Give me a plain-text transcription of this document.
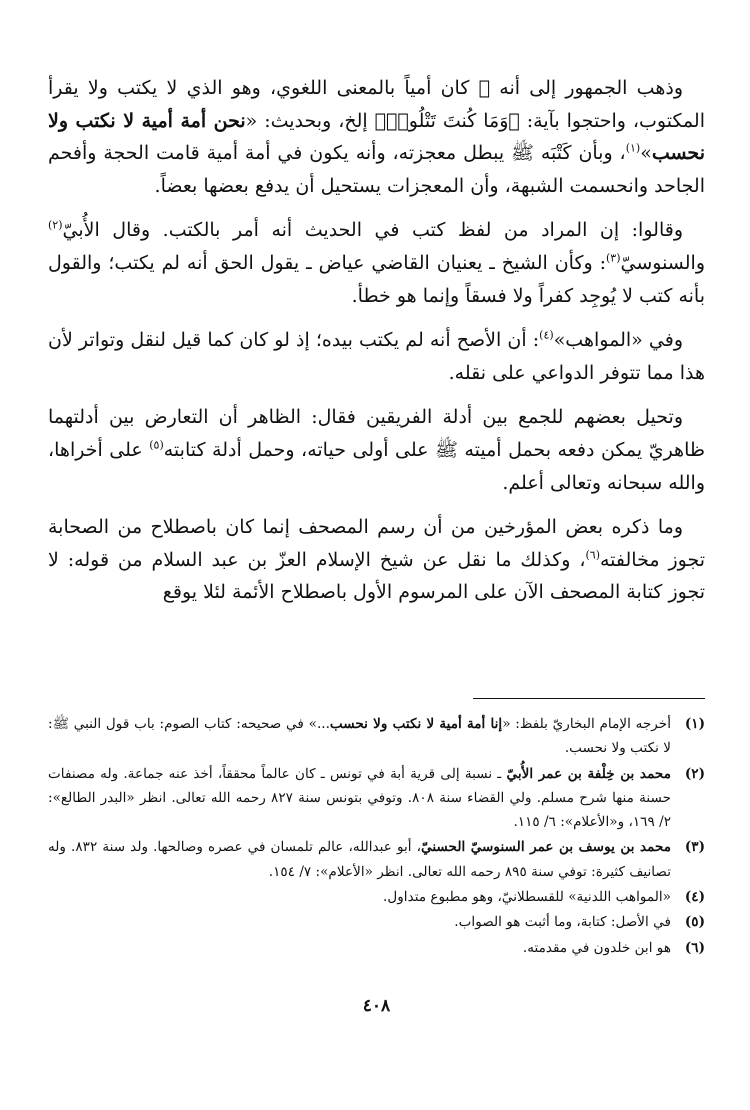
وذهب الجمهور إلى أنه ﷺ كان أمياً بالمعنى اللغوي، وهو الذي لا يكتب ولا يقرأ المكتوب، واحتجوا بآية: ﴿وَمَا كُنتَ تَتْلُوا۟﴾ إلخ، وبحديث: «نحن أمة أمية لا نكتب ولا نحسب»$^{(١)}$، وبأن كَتْبَه ﷺ يبطل معجزته، وأنه يكون في أمة أمية قامت الحجة وأفحم الجاحد وانحسمت الشبهة، وأن المعجزات يستحيل أن يدفع بعضها بعضاً.

وقالوا: إن المراد من لفظ كتب في الحديث أنه أمر بالكتب. وقال الأُبيّ$^{(٢)}$ والسنوسيّ$^{(٣)}$: وكأن الشيخ ـ يعنيان القاضي عياض ـ يقول الحق أنه لم يكتب؛ والقول بأنه كتب لا يُوجِد كفراً ولا فسقاً وإنما هو خطأ.

وفي «المواهب»$^{(٤)}$: أن الأصح أنه لم يكتب بيده؛ إذ لو كان كما قيل لنقل وتواتر لأن هذا مما تتوفر الدواعي على نقله.

وتحيل بعضهم للجمع بين أدلة الفريقين فقال: الظاهر أن التعارض بين أدلتهما ظاهريّ يمكن دفعه بحمل أميته ﷺ على أولى حياته، وحمل أدلة كتابته$^{(٥)}$ على أخراها، والله سبحانه وتعالى أعلم.

وما ذكره بعض المؤرخين من أن رسم المصحف إنما كان باصطلاح من الصحابة تجوز مخالفته$^{(٦)}$، وكذلك ما نقل عن شيخ الإسلام العزّ بن عبد السلام من قوله: لا تجوز كتابة المصحف الآن على المرسوم الأول باصطلاح الأئمة لئلا يوقع

(١)
أخرجه الإمام البخاريّ بلفظ: «إنا أمة أمية لا نكتب ولا نحسب...» في صحيحه: كتاب الصوم: باب قول النبي ﷺ: لا نكتب ولا نحسب.
(٢)
محمد بن خِلْفة بن عمر الأُبيّ ـ نسبة إلى قرية أبة في تونس ـ كان عالماً محققاً، أخذ عنه جماعة. وله مصنفات حسنة منها شرح مسلم. ولي القضاء سنة ٨٠٨. وتوفي بتونس سنة ٨٢٧ رحمه الله تعالى. انظر «البدر الطالع»: ٢/ ١٦٩، و«الأعلام»: ٦/ ١١٥.
(٣)
محمد بن يوسف بن عمر السنوسيّ الحسنيّ، أبو عبدالله، عالم تلمسان في عصره وصالحها. ولد سنة ٨٣٢. وله تصانيف كثيرة: توفي سنة ٨٩٥ رحمه الله تعالى. انظر «الأعلام»: ٧/ ١٥٤.
(٤)
«المواهب اللدنية» للقسطلانيّ، وهو مطبوع متداول.
(٥)
في الأصل: كتابة، وما أثبت هو الصواب.
(٦)
هو ابن خلدون في مقدمته.
٤٠٨
